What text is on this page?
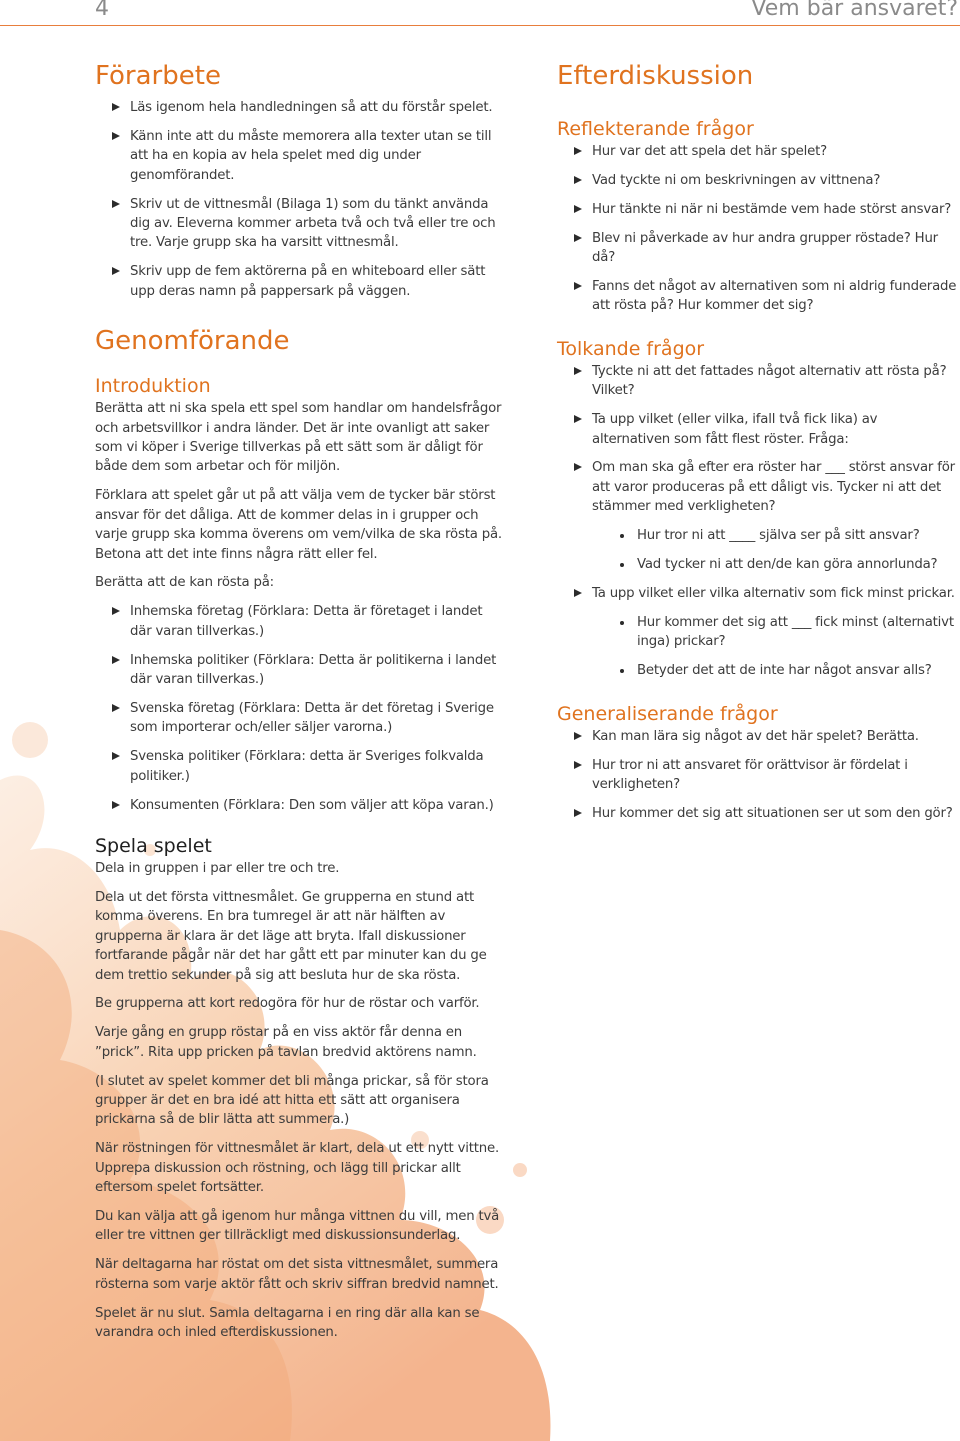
4	Vem bär ansvaret?
Förarbete
Läs igenom hela handledningen så att du förstår spelet.
Känn inte att du måste memorera alla texter utan se till att ha en kopia av hela spelet med dig under genomförandet.
Skriv ut de vittnesmål (Bilaga 1) som du tänkt använda dig av. Eleverna kommer arbeta två och två eller tre och tre. Varje grupp ska ha varsitt vittnesmål.
Skriv upp de fem aktörerna på en whiteboard eller sätt upp deras namn på pappersark på väggen.
Genomförande
Introduktion

Berätta att ni ska spela ett spel som handlar om handelsfrågor och arbetsvillkor i andra länder. Det är inte ovanligt att saker som vi köper i Sverige tillverkas på ett sätt som är dåligt för både dem som arbetar och för miljön.

Förklara att spelet går ut på att välja vem de tycker bär störst ansvar för det dåliga. Att de kommer delas in i grupper och varje grupp ska komma överens om vem/vilka de ska rösta på. Betona att det inte finns några rätt eller fel.

Berätta att de kan rösta på:

Inhemska företag (Förklara: Detta är företaget i landet där varan tillverkas.)
Inhemska politiker (Förklara: Detta är politikerna i landet där varan tillverkas.)
Svenska företag (Förklara: Detta är det företag i Sverige som importerar och/eller säljer varorna.)
Svenska politiker (Förklara: detta är Sveriges folkvalda politiker.)
Konsumenten (Förklara: Den som väljer att köpa varan.)
Spela spelet

Dela in gruppen i par eller tre och tre.

Dela ut det första vittnesmålet. Ge grupperna en stund att komma överens. En bra tumregel är att när hälften av grupperna är klara är det läge att bryta. Ifall diskussioner fortfarande pågår när det har gått ett par minuter kan du ge dem trettio sekunder på sig att besluta hur de ska rösta.

Be grupperna att kort redogöra för hur de röstar och varför.

Varje gång en grupp röstar på en viss aktör får denna en ”prick”. Rita upp pricken på tavlan bredvid aktörens namn.

(I slutet av spelet kommer det bli många prickar, så för stora grupper är det en bra idé att hitta ett sätt att organisera prickarna så de blir lätta att summera.)

När röstningen för vittnesmålet är klart, dela ut ett nytt vittne. Upprepa diskussion och röstning, och lägg till prickar allt eftersom spelet fortsätter.

Du kan välja att gå igenom hur många vittnen du vill, men två eller tre vittnen ger tillräckligt med diskussionsunderlag.

När deltagarna har röstat om det sista vittnesmålet, summera rösterna som varje aktör fått och skriv siffran bredvid namnet.

Spelet är nu slut. Samla deltagarna i en ring där alla kan se varandra och inled efterdiskussionen.

Efterdiskussion
Reflekterande frågor
Hur var det att spela det här spelet?
Vad tyckte ni om beskrivningen av vittnena?
Hur tänkte ni när ni bestämde vem hade störst ansvar?
Blev ni påverkade av hur andra grupper röstade? Hur då?
Fanns det något av alternativen som ni aldrig funderade att rösta på? Hur kommer det sig?
Tolkande frågor
Tyckte ni att det fattades något alternativ att rösta på? Vilket?
Ta upp vilket (eller vilka, ifall två fick lika) av alternativen som fått flest röster. Fråga:
Om man ska gå efter era röster har ___ störst ansvar för att varor produceras på ett dåligt vis. Tycker ni att det stämmer med verkligheten?
Hur tror ni att ____ själva ser på sitt ansvar?
Vad tycker ni att den/de kan göra annorlunda?
Ta upp vilket eller vilka alternativ som fick minst prickar.
Hur kommer det sig att ___ fick minst (alternativt inga) prickar?
Betyder det att de inte har något ansvar alls?
Generaliserande frågor
Kan man lära sig något av det här spelet? Berätta.
Hur tror ni att ansvaret för orättvisor är fördelat i verkligheten?
Hur kommer det sig att situationen ser ut som den gör?
